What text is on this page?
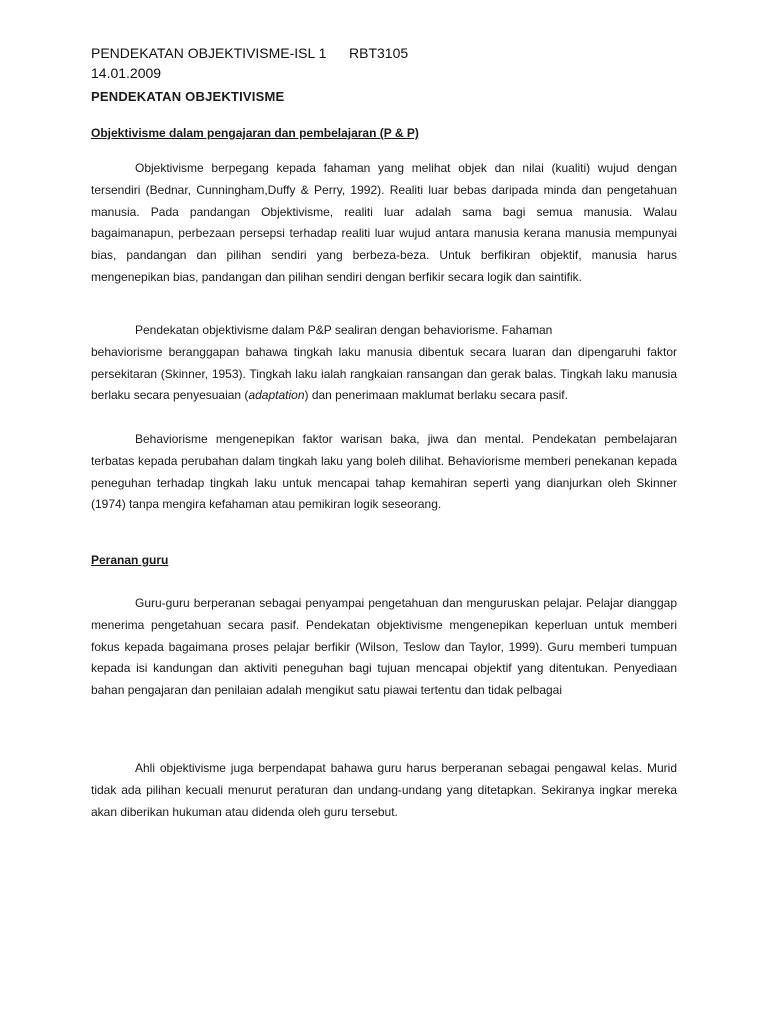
PENDEKATAN OBJEKTIVISME-ISL 1 RBT3105
14.01.2009
PENDEKATAN OBJEKTIVISME
Objektivisme dalam pengajaran dan pembelajaran (P & P)

Objektivisme berpegang kepada fahaman yang melihat objek dan nilai (kualiti) wujud dengan tersendiri (Bednar, Cunningham,Duffy & Perry, 1992). Realiti luar bebas daripada minda dan pengetahuan manusia. Pada pandangan Objektivisme, realiti luar adalah sama bagi semua manusia. Walau bagaimanapun, perbezaan persepsi terhadap realiti luar wujud antara manusia kerana manusia mempunyai bias, pandangan dan pilihan sendiri yang berbeza-beza. Untuk berfikiran objektif, manusia harus mengenepikan bias, pandangan dan pilihan sendiri dengan berfikir secara logik dan saintifik.

Pendekatan objektivisme dalam P&P sealiran dengan behaviorisme. Fahaman
behaviorisme beranggapan bahawa tingkah laku manusia dibentuk secara luaran dan dipengaruhi faktor persekitaran (Skinner, 1953). Tingkah laku ialah rangkaian ransangan dan gerak balas. Tingkah laku manusia berlaku secara penyesuaian (adaptation) dan penerimaan maklumat berlaku secara pasif.

Behaviorisme mengenepikan faktor warisan baka, jiwa dan mental. Pendekatan pembelajaran terbatas kepada perubahan dalam tingkah laku yang boleh dilihat. Behaviorisme memberi penekanan kepada peneguhan terhadap tingkah laku untuk mencapai tahap kemahiran seperti yang dianjurkan oleh Skinner (1974) tanpa mengira kefahaman atau pemikiran logik seseorang.

Peranan guru

Guru-guru berperanan sebagai penyampai pengetahuan dan menguruskan pelajar. Pelajar dianggap menerima pengetahuan secara pasif. Pendekatan objektivisme mengenepikan keperluan untuk memberi fokus kepada bagaimana proses pelajar berfikir (Wilson, Teslow dan Taylor, 1999). Guru memberi tumpuan kepada isi kandungan dan aktiviti peneguhan bagi tujuan mencapai objektif yang ditentukan. Penyediaan bahan pengajaran dan penilaian adalah mengikut satu piawai tertentu dan tidak pelbagai

Ahli objektivisme juga berpendapat bahawa guru harus berperanan sebagai pengawal kelas. Murid tidak ada pilihan kecuali menurut peraturan dan undang-undang yang ditetapkan. Sekiranya ingkar mereka akan diberikan hukuman atau didenda oleh guru tersebut.
